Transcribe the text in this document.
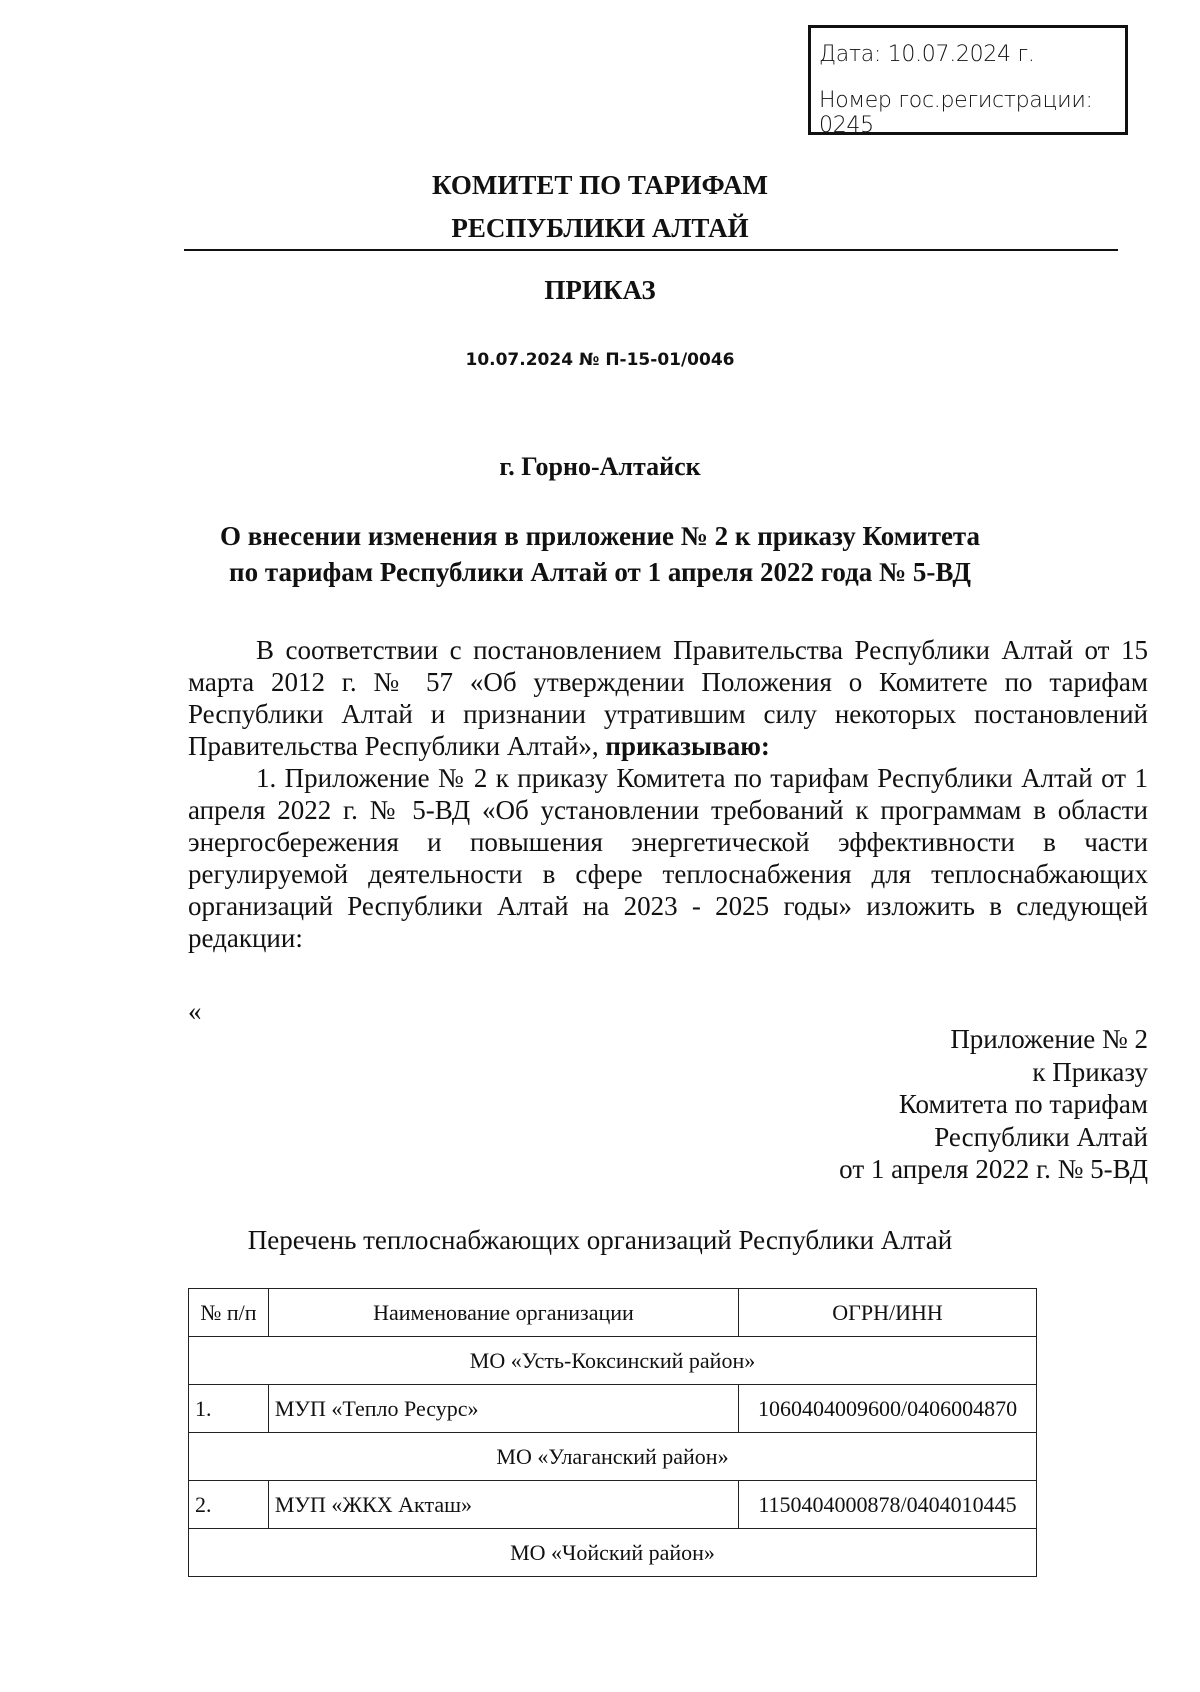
Дата: 10.07.2024 г.
Номер гос.регистрации: 0245
КОМИТЕТ ПО ТАРИФАМ
РЕСПУБЛИКИ АЛТАЙ
ПРИКАЗ
10.07.2024 № П-15-01/0046
г. Горно-Алтайск
О внесении изменения в приложение № 2 к приказу Комитета
по тарифам Республики Алтай от 1 апреля 2022 года № 5-ВД

В соответствии с постановлением Правительства Республики Алтай от 15 марта 2012 г. № 57 «Об утверждении Положения о Комитете по тарифам Республики Алтай и признании утратившим силу некоторых постановлений Правительства Республики Алтай», приказываю:

1. Приложение № 2 к приказу Комитета по тарифам Республики Алтай от 1 апреля 2022 г. № 5-ВД «Об установлении требований к программам в области энергосбережения и повышения энергетической эффективности в части регулируемой деятельности в сфере теплоснабжения для теплоснабжающих организаций Республики Алтай на 2023 - 2025 годы» изложить в следующей редакции:

«
Приложение № 2
к Приказу
Комитета по тарифам
Республики Алтай
от 1 апреля 2022 г. № 5-ВД
Перечень теплоснабжающих организаций Республики Алтай
№ п/п	Наименование организации	ОГРН/ИНН
МО «Усть-Коксинский район»		
1.	МУП «Тепло Ресурс»	1060404009600/0406004870
МО «Улаганский район»		
2.	МУП «ЖКХ Акташ»	1150404000878/0404010445
МО «Чойский район»		
